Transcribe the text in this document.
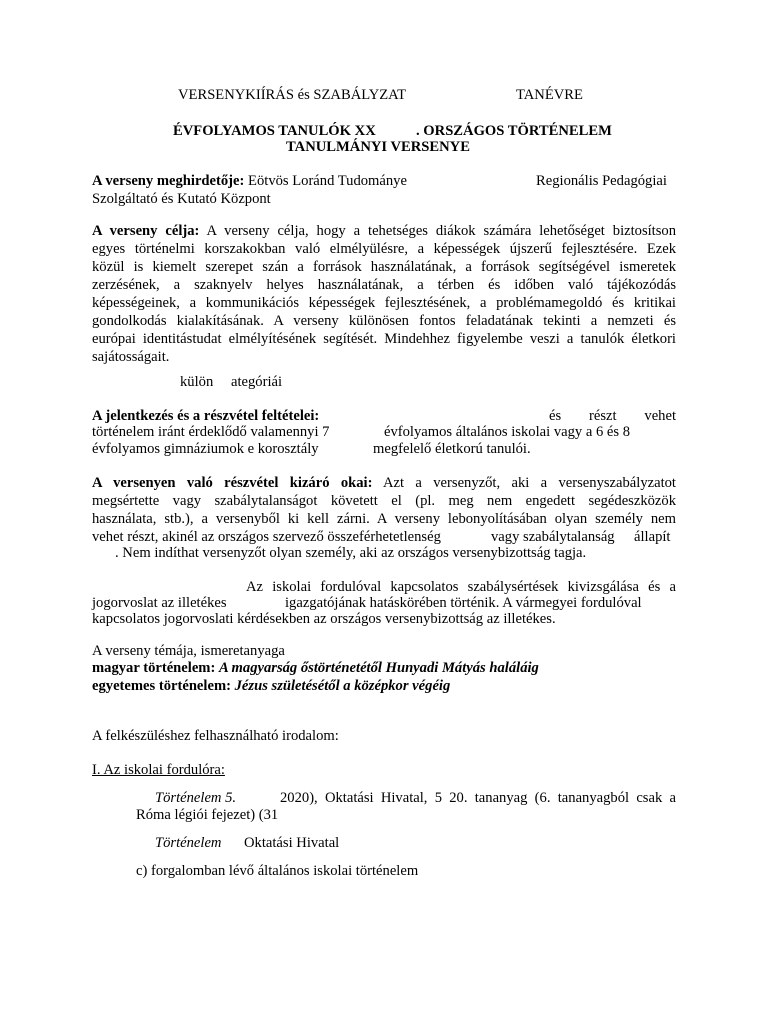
VERSENYKIÍRÁS és SZABÁLYZAT	TANÉVRE
ÉVFOLYAMOS TANULÓK XX	. ORSZÁGOS TÖRTÉNELEM
TANULMÁNYI VERSENYE
A verseny meghirdetője: Eötvös Loránd Tudománye	Regionális Pedagógiai
Szolgáltató és Kutató Központ
A verseny célja: A verseny célja, hogy a tehetséges diákok számára lehetőséget biztosítson
egyes történelmi korszakokban való elmélyülésre, a képességek újszerű fejlesztésére. Ezek
közül is kiemelt szerepet szán a források használatának, a források segítségével ismeretek
zerzésének, a szaknyelv helyes használatának, a térben és időben való tájékozódás
képességeinek, a kommunikációs képességek fejlesztésének, a problémamegoldó és kritikai
gondolkodás kialakításának. A verseny különösen fontos feladatának tekinti a nemzeti és
európai identitástudat elmélyítésének segítését. Mindehhez figyelembe veszi a tanulók életkori
sajátosságait.
külön ategóriái
A jelentkezés és a részvétel feltételei:	és részt vehet
történelem iránt érdeklődő valamennyi 7	évfolyamos általános iskolai vagy a 6 és 8
évfolyamos gimnáziumok e korosztály	megfelelő életkorú tanulói.
A versenyen való részvétel kizáró okai: Azt a versenyzőt, aki a versenyszabályzatot
megsértette vagy szabálytalanságot követett el (pl. meg nem engedett segédeszközök
használata, stb.), a versenyből ki kell zárni. A verseny lebonyolításában olyan személy nem
vehet részt, akinél az országos szervező összeférhetetlenség	vagy szabálytalanság állapít
. Nem indíthat versenyzőt olyan személy, aki az országos versenybizottság tagja.
Az iskolai fordulóval kapcsolatos szabálysértések kivizsgálása és a
jogorvoslat az illetékes	igazgatójának hatáskörében történik. A vármegyei fordulóval
kapcsolatos jogorvoslati kérdésekben az országos versenybizottság az illetékes.
A verseny témája, ismeretanyaga
magyar történelem: A magyarság őstörténetétől Hunyadi Mátyás haláláig
egyetemes történelem: Jézus születésétől a középkor végéig
A felkészüléshez felhasználható irodalom:
I. Az iskolai fordulóra:
Történelem 5.	2020), Oktatási Hivatal, 5 20. tananyag (6. tananyagból csak a
Róma légiói fejezet) (31
Történelem Oktatási Hivatal
c) forgalomban lévő általános iskolai történelem
